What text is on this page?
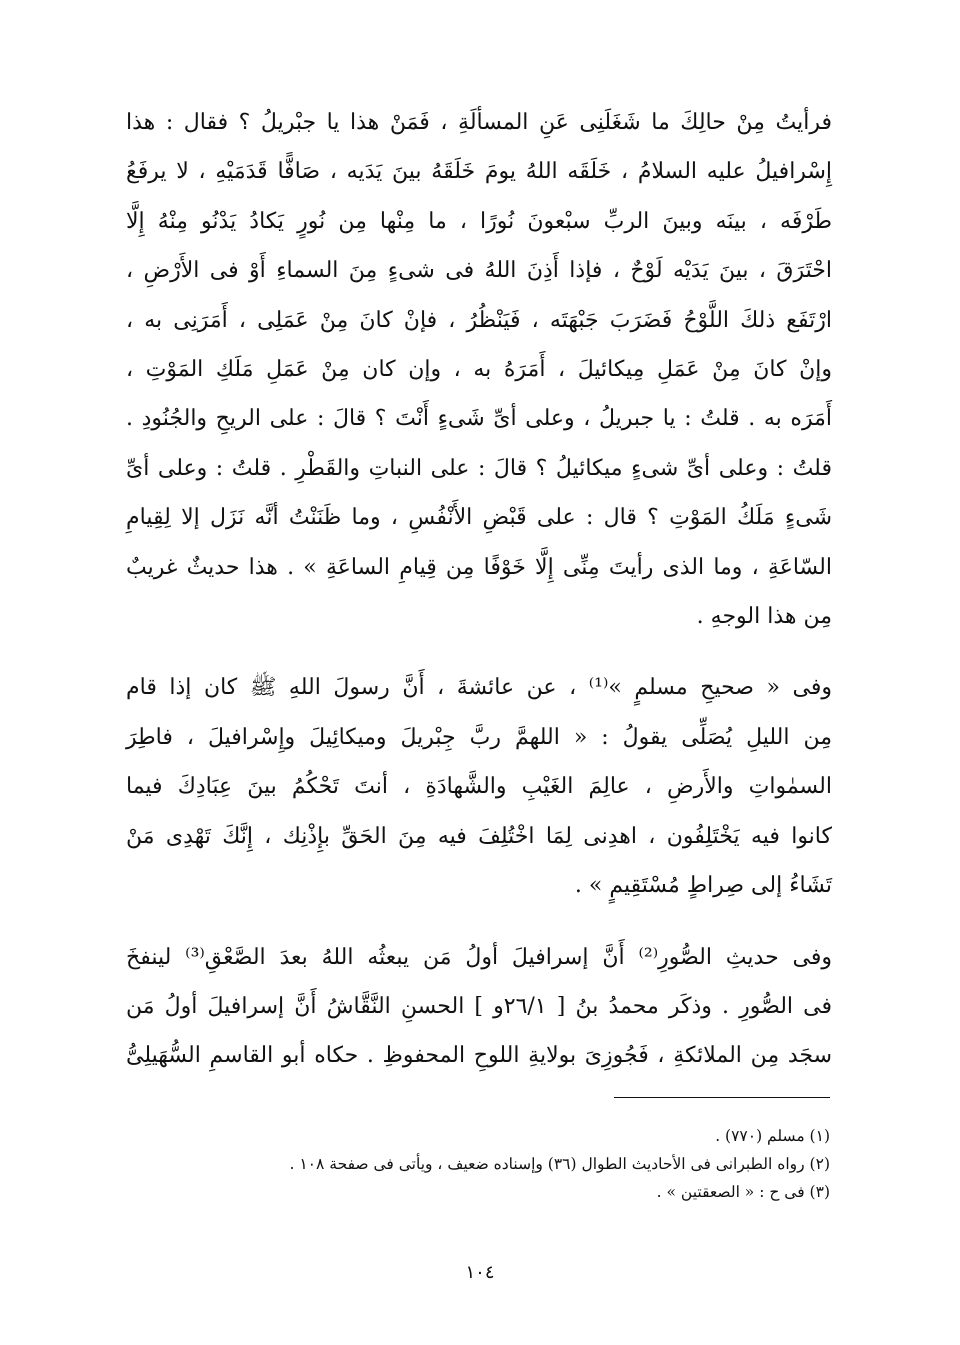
فرأيتُ مِنْ حالِكَ ما شَغَلَنِى عَنِ المسألَةِ ، فَمَنْ هذا يا جبْريلُ ؟ فقال : هذا
إِسْرافيلُ عليه السلامُ ، خَلَقَه اللهُ يومَ خَلَقَهُ بينَ يَدَيه ، صَافًّا قَدَمَيْهِ ، لا يرفَعُ
طَرْفَه ، بينَه وبينَ الربِّ سبْعونَ نُورًا ، ما مِنْها مِن نُورٍ يَكادُ يَدْنُو مِنْهُ إِلَّا
احْتَرَقَ ، بينَ يَدَيْه لَوْحٌ ، فإذا أَذِنَ اللهُ فى شىءٍ مِنَ السماءِ أَوْ فى الأَرْضِ ،
ارْتَفَع ذلكَ اللَّوْحُ فَضَرَبَ جَبْهَتَه ، فَيَنْظُرُ ، فإنْ كانَ مِنْ عَمَلِى ، أَمَرَنِى به ،
وإنْ كانَ مِنْ عَمَلِ مِيكائيلَ ، أَمَرَهُ به ، وإن كان مِنْ عَمَلِ مَلَكِ المَوْتِ ،
أَمَرَه به . قلتُ : يا جبريلُ ، وعلى أىِّ شَىءٍ أَنْتَ ؟ قالَ : على الريحِ والجُنُودِ .
قلتُ : وعلى أىِّ شىءٍ ميكائيلُ ؟ قالَ : على النباتِ والقَطْرِ . قلتُ : وعلى أىِّ
شَىءٍ مَلَكُ المَوْتِ ؟ قال : على قَبْضِ الأَنْفُسِ ، وما ظَنَنْتُ أنَّه نَزَل إلا لِقِيامِ
السّاعَةِ ، وما الذى رأيتَ مِنِّى إِلَّا خَوْفًا مِن قِيامِ الساعَةِ » . هذا حديثٌ غريبٌ
مِن هذا الوجهِ .

وفى « صحيحِ مسلمٍ »⁽¹⁾ ، عن عائشةَ ، أَنَّ رسولَ اللهِ ﷺ كان إذا قام
مِن الليلِ يُصَلِّى يقولُ : « اللهمَّ ربَّ جِبْريلَ وميكائِيلَ وإِسْرافيلَ ، فاطِرَ
السمٰواتِ والأَرضِ ، عالِمَ الغَيْبِ والشَّهادَةِ ، أنتَ تَحْكُمُ بينَ عِبَادِكَ فيما
كانوا فيه يَخْتَلِفُون ، اهدِنى لِمَا اخْتُلِفَ فيه مِنَ الحَقِّ بإِذْنِك ، إِنَّكَ تَهْدِى مَنْ
تَشَاءُ إلى صِراطٍ مُسْتَقِيمٍ » .

وفى حديثِ الصُّورِ⁽²⁾ أَنَّ إسرافيلَ أولُ مَن يبعثُه اللهُ بعدَ الصَّعْقِ⁽³⁾ لينفخَ
فى الصُّورِ . وذكَر محمدُ بنُ [ ٢٦/١و ] الحسنِ النَّقَّاشُ أَنَّ إسرافيلَ أولُ مَن
سجَد مِن الملائكةِ ، فَجُوزِىَ بولايةِ اللوحِ المحفوظِ . حكاه أبو القاسمِ السُّهَيلِىُّ

(١) مسلم (٧٧٠) .
(٢) رواه الطبرانى فى الأحاديث الطوال (٣٦) وإسناده ضعيف ، ويأتى فى صفحة ١٠٨ .
(٣) فى ح : « الصعقتين » .
١٠٤
